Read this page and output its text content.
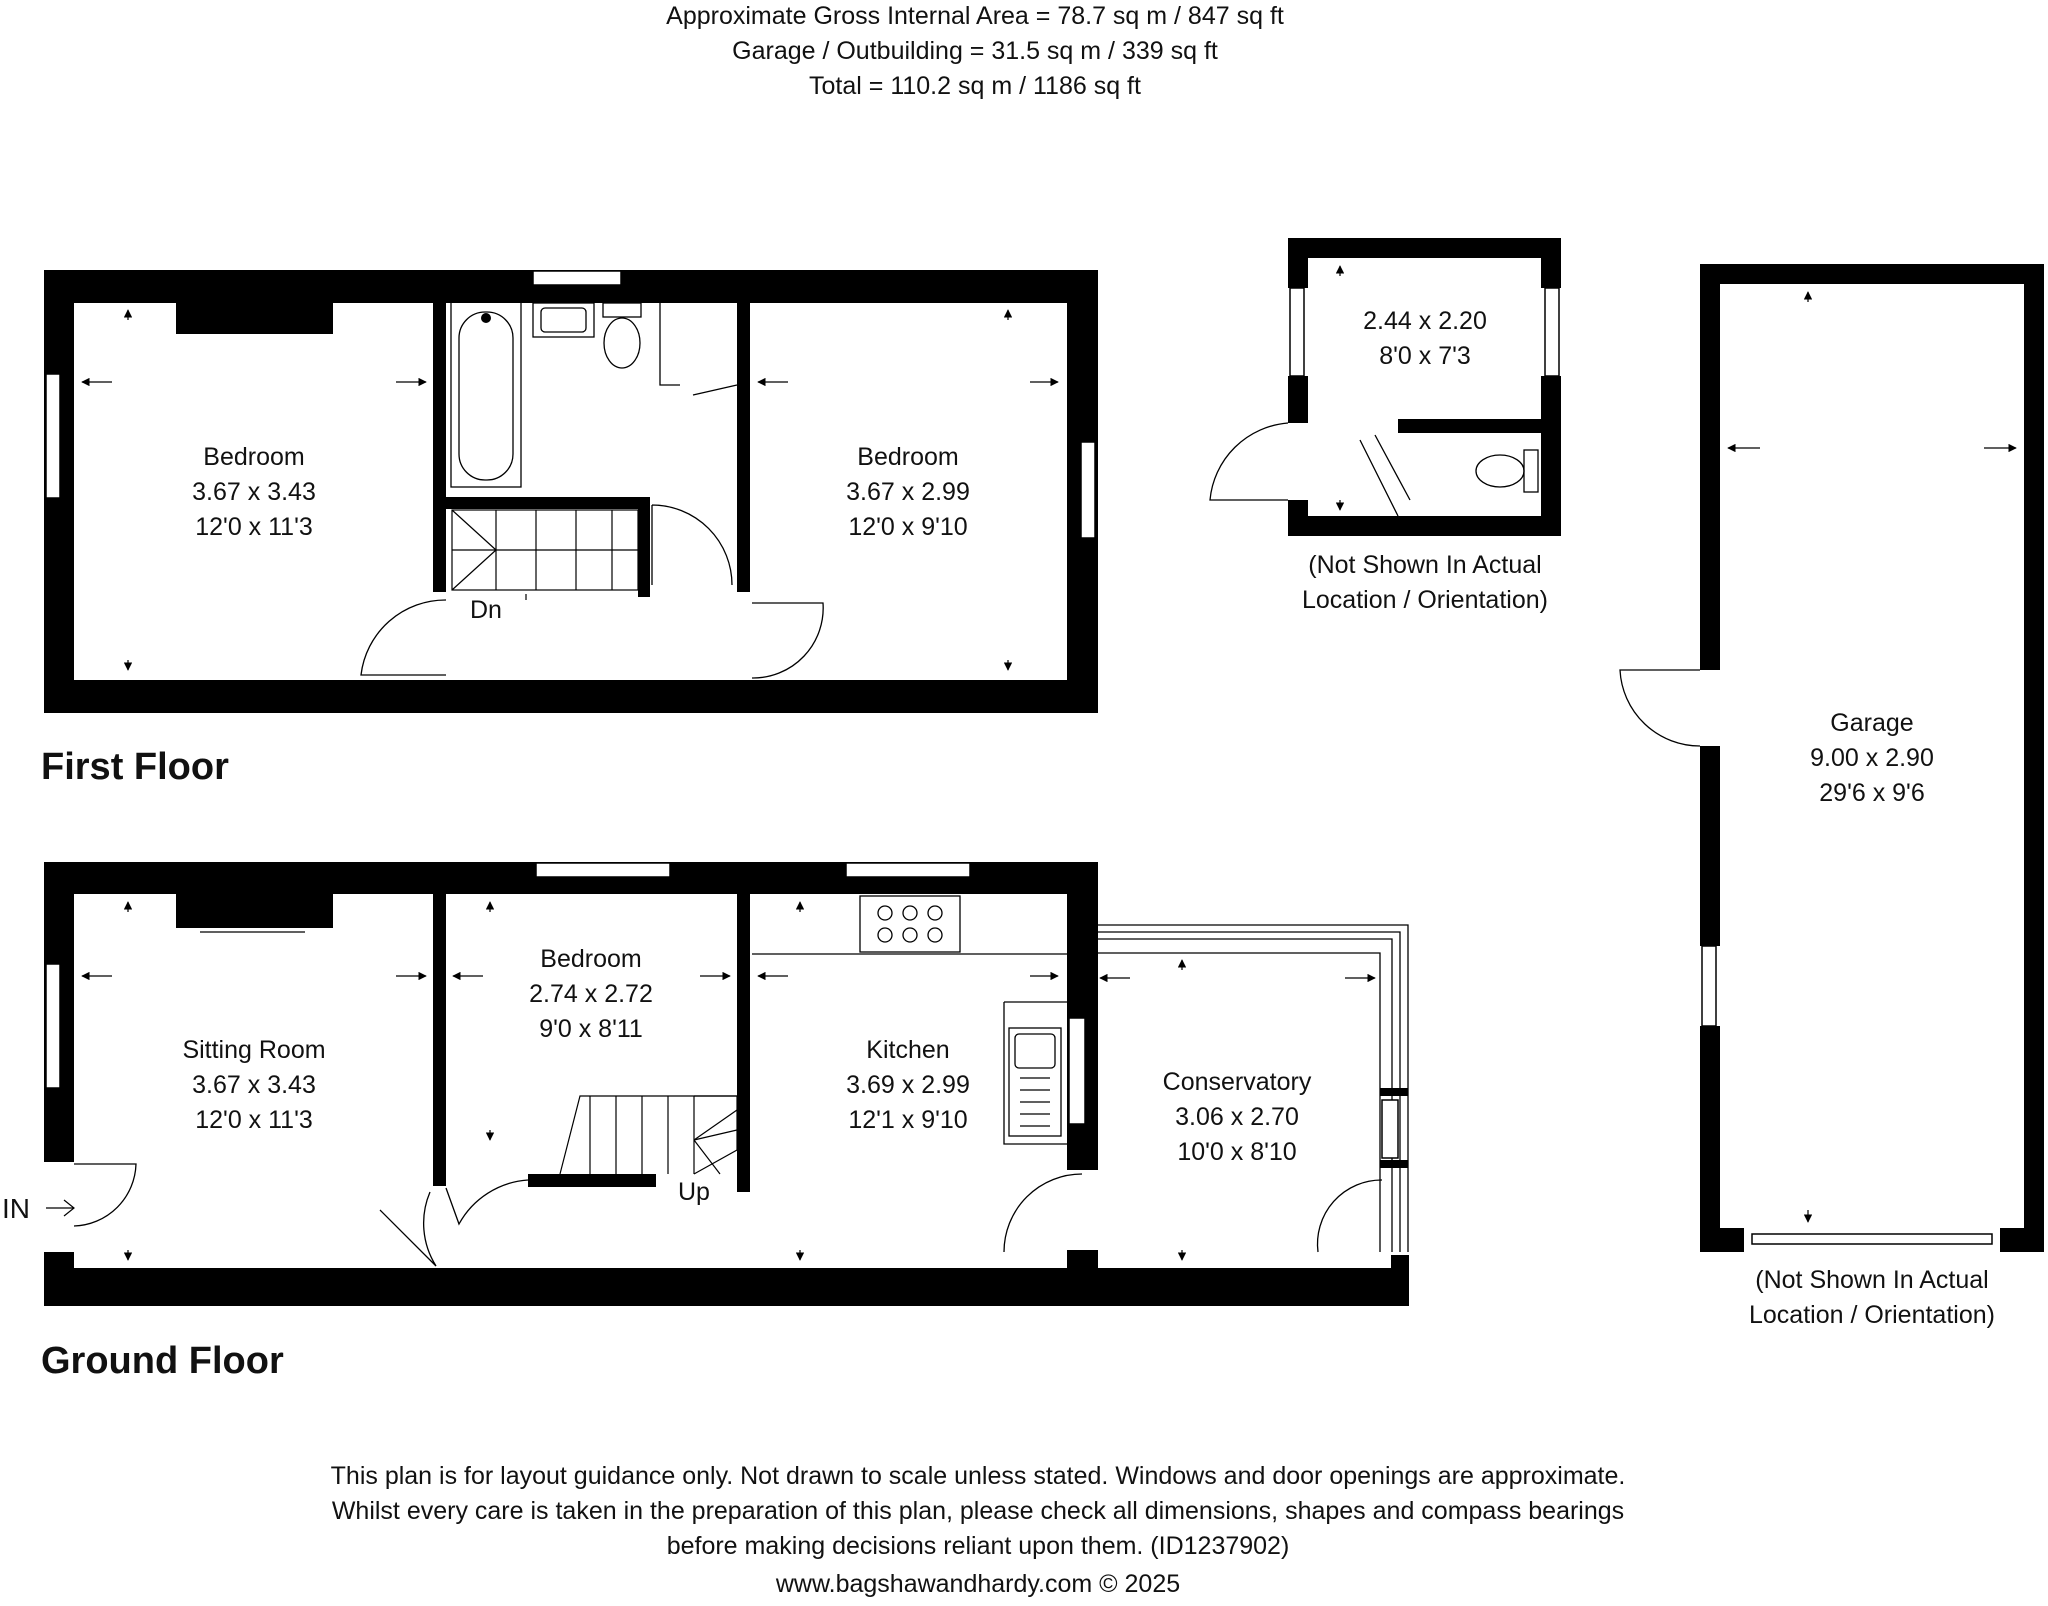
Approximate Gross Internal Area = 78.7 sq m / 847 sq ft
Garage / Outbuilding = 31.5 sq m / 339 sq ft
Total = 110.2 sq m / 1186 sq ft
Dn
Bedroom
3.67 x 3.43
12'0 x 11'3
Bedroom
3.67 x 2.99
12'0 x 9'10
First Floor
Up
IN
Sitting Room
3.67 x 3.43
12'0 x 11'3
Bedroom
2.74 x 2.72
9'0 x 8'11
Kitchen
3.69 x 2.99
12'1 x 9'10
Conservatory
3.06 x 2.70
10'0 x 8'10
Ground Floor
2.44 x 2.20
8'0 x 7'3
(Not Shown In Actual
Location / Orientation)
Garage
9.00 x 2.90
29'6 x 9'6
(Not Shown In Actual
Location / Orientation)
This plan is for layout guidance only. Not drawn to scale unless stated. Windows and door openings are approximate.
Whilst every care is taken in the preparation of this plan, please check all dimensions, shapes and compass bearings
before making decisions reliant upon them. (ID1237902)
www.bagshawandhardy.com © 2025
